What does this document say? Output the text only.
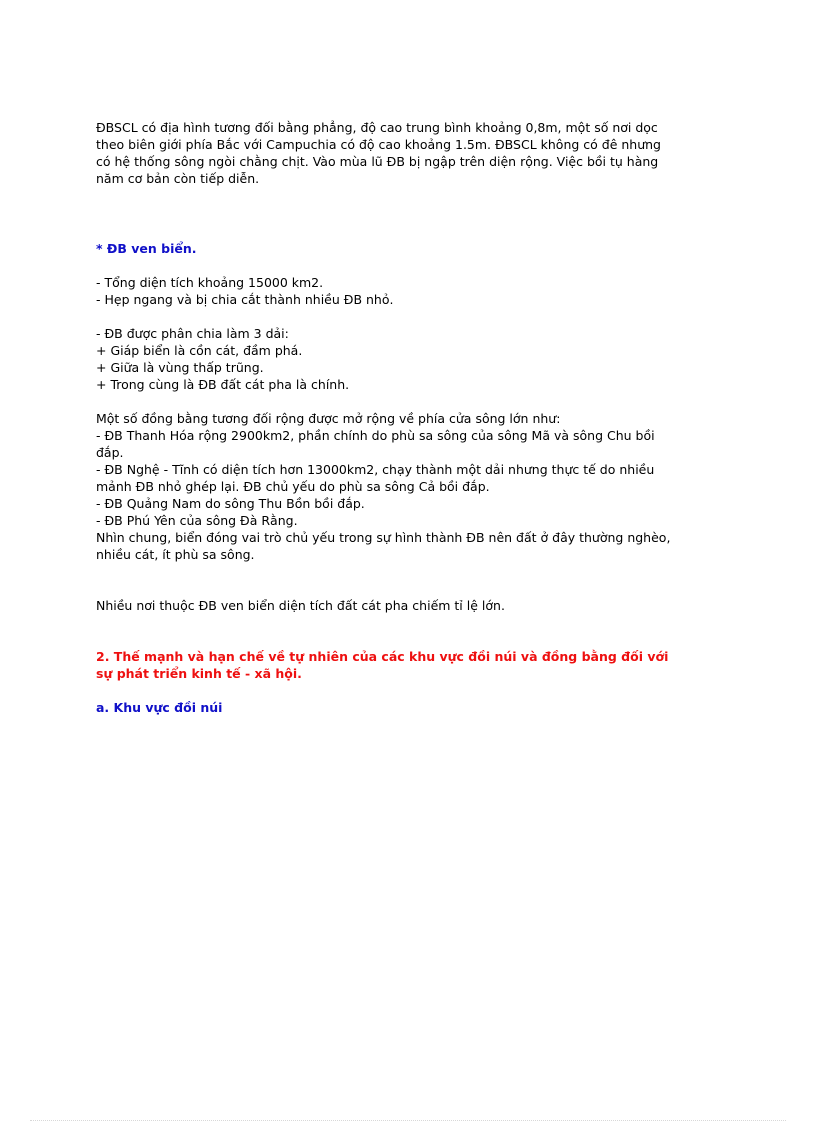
ĐBSCL có địa hình tương đối bằng phẳng, độ cao trung bình khoảng 0,8m, một số nơi dọc

theo biên giới phía Bắc với Campuchia có độ cao khoảng 1.5m. ĐBSCL không có đê nhưng

có hệ thống sông ngòi chằng chịt. Vào mùa lũ ĐB bị ngập trên diện rộng. Việc bồi tụ hàng

năm cơ bản còn tiếp diễn.

* ĐB ven biển.

- Tổng diện tích khoảng 15000 km2.

- Hẹp ngang và bị chia cắt thành nhiều ĐB nhỏ.

- ĐB được phân chia làm 3 dải:

+ Giáp biển là cồn cát, đầm phá.

+ Giữa là vùng thấp trũng.

+ Trong cùng là ĐB đất cát pha là chính.

Một số đồng bằng tương đối rộng được mở rộng về phía cửa sông lớn như:

- ĐB Thanh Hóa rộng 2900km2, phần chính do phù sa sông của sông Mã và sông Chu bồi

đắp.

- ĐB Nghệ - Tĩnh có diện tích hơn 13000km2, chạy thành một dải nhưng thực tế do nhiều

mảnh ĐB nhỏ ghép lại. ĐB chủ yếu do phù sa sông Cả bồi đắp.

- ĐB Quảng Nam do sông Thu Bồn bồi đắp.

- ĐB Phú Yên của sông Đà Rằng.

Nhìn chung, biển đóng vai trò chủ yếu trong sự hình thành ĐB nên đất ở đây thường nghèo,

nhiều cát, ít phù sa sông.

Nhiều nơi thuộc ĐB ven biển diện tích đất cát pha chiếm tỉ lệ lớn.

2. Thế mạnh và hạn chế về tự nhiên của các khu vực đồi núi và đồng bằng đối với

sự phát triển kinh tế - xã hội.

a. Khu vực đồi núi
